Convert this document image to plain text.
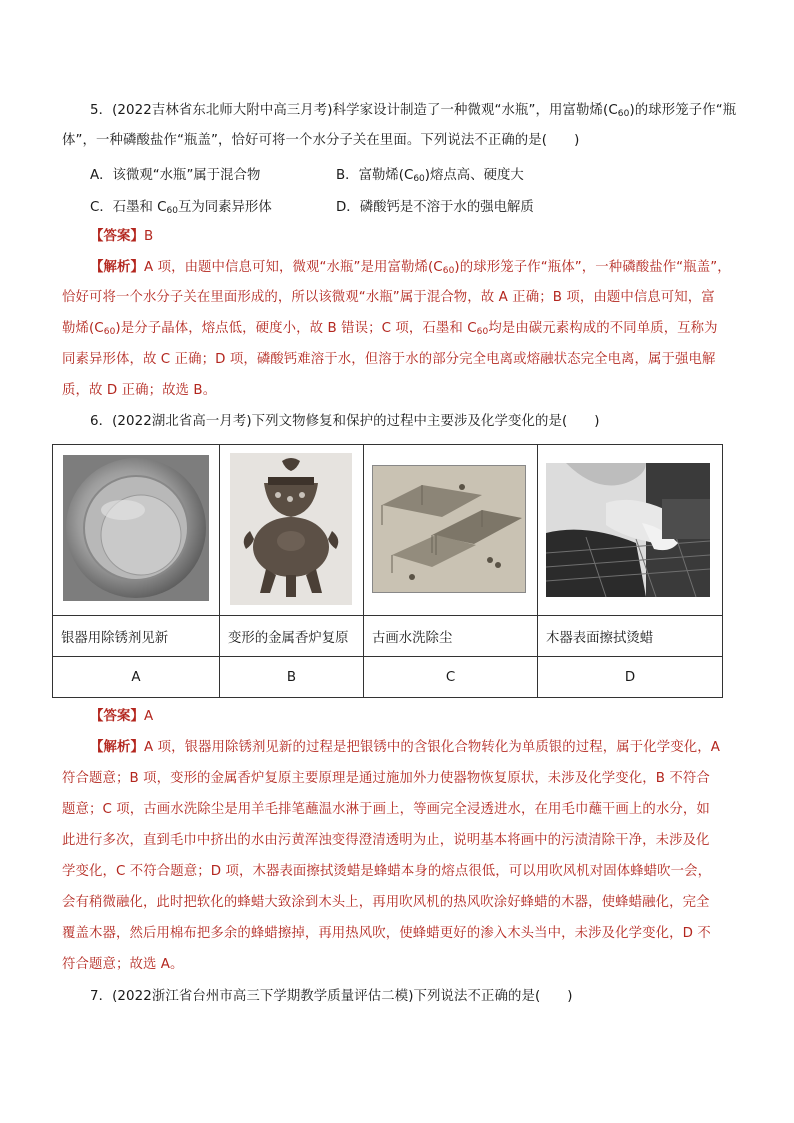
5．(2022吉林省东北师大附中高三月考)科学家设计制造了一种微观“水瓶”，用富勒烯$(C_{60})$的球形笼子作“瓶
体”，一种磷酸盐作“瓶盖”，恰好可将一个水分子关在里面。下列说法不正确的是(　　)
A．该微观“水瓶”属于混合物	B．富勒烯$(C_{60})$熔点高、硬度大
C．石墨和 $C_{60}$互为同素异形体	D．磷酸钙是不溶于水的强电解质
【答案】B
【解析】A 项，由题中信息可知，微观“水瓶”是用富勒烯$(C_{60})$的球形笼子作“瓶体”，一种磷酸盐作“瓶盖”，
恰好可将一个水分子关在里面形成的，所以该微观“水瓶”属于混合物，故 A 正确；B 项，由题中信息可知，富
勒烯$(C_{60})$是分子晶体，熔点低，硬度小，故 B 错误；C 项，石墨和 $C_{60}$均是由碳元素构成的不同单质，互称为
同素异形体，故 C 正确；D 项，磷酸钙难溶于水，但溶于水的部分完全电离或熔融状态完全电离，属于强电解
质，故 D 正确；故选 B。
6．(2022湖北省高一月考)下列文物修复和保护的过程中主要涉及化学变化的是(　　)

银器用除锈剂见新	变形的金属香炉复原	古画水洗除尘	木器表面擦拭烫蜡
A	B	C	D
【答案】A
【解析】A 项，银器用除锈剂见新的过程是把银锈中的含银化合物转化为单质银的过程，属于化学变化，A
符合题意；B 项，变形的金属香炉复原主要原理是通过施加外力使器物恢复原状，未涉及化学变化，B 不符合
题意；C 项，古画水洗除尘是用羊毛排笔蘸温水淋于画上，等画完全浸透进水，在用毛巾蘸干画上的水分，如
此进行多次，直到毛巾中挤出的水由污黄浑浊变得澄清透明为止，说明基本将画中的污渍清除干净，未涉及化
学变化，C 不符合题意；D 项，木器表面擦拭烫蜡是蜂蜡本身的熔点很低，可以用吹风机对固体蜂蜡吹一会，
会有稍微融化，此时把软化的蜂蜡大致涂到木头上，再用吹风机的热风吹涂好蜂蜡的木器，使蜂蜡融化，完全
覆盖木器，然后用棉布把多余的蜂蜡擦掉，再用热风吹，使蜂蜡更好的渗入木头当中，未涉及化学变化，D 不
符合题意；故选 A。
7．(2022浙江省台州市高三下学期教学质量评估二模)下列说法不正确的是(　　)
